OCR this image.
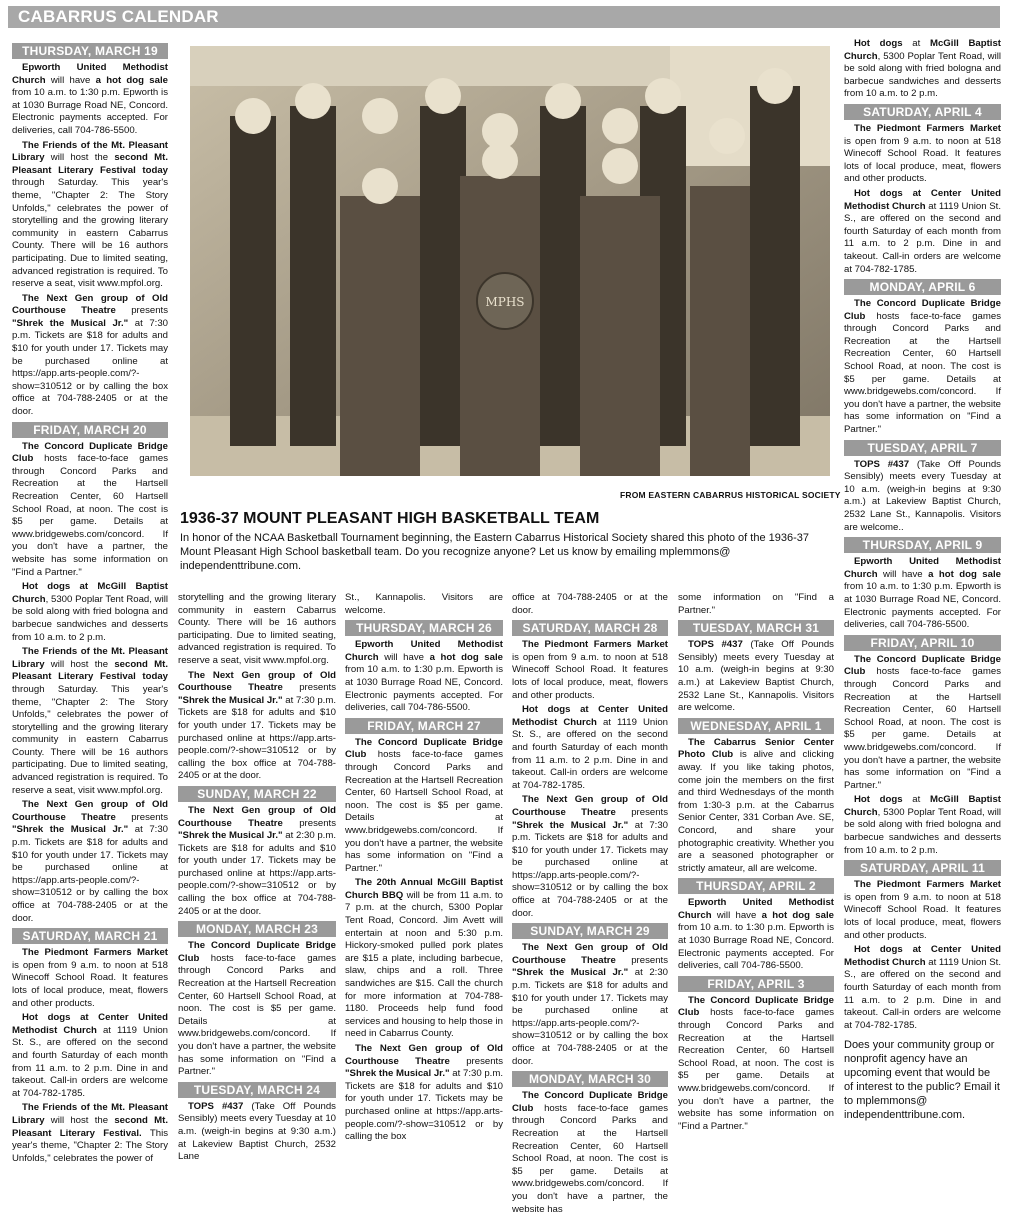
CABARRUS CALENDAR
THURSDAY, MARCH 19

Epworth United Methodist Church will have a hot dog sale from 10 a.m. to 1:30 p.m. Epworth is at 1030 Burrage Road NE, Concord. Electronic payments accepted. For deliveries, call 704-786-5500.

The Friends of the Mt. Pleasant Library will host the second Mt. Pleasant Literary Festival today through Saturday. This year's theme, "Chapter 2: The Story Unfolds," celebrates the power of storytelling and the growing literary community in eastern Cabarrus County. There will be 16 authors participating. Due to limited seating, advanced registration is required. To reserve a seat, visit www.mpfol.org.

The Next Gen group of Old Courthouse Theatre presents "Shrek the Musical Jr." at 7:30 p.m. Tickets are $18 for adults and $10 for youth under 17. Tickets may be purchased online at https://app.arts-people.com/?-show=310512 or by calling the box office at 704-788-2405 or at the door.

FRIDAY, MARCH 20

The Concord Duplicate Bridge Club hosts face-to-face games through Concord Parks and Recreation at the Hartsell Recreation Center, 60 Hartsell School Road, at noon. The cost is $5 per game. Details at www.bridgewebs.com/concord. If you don't have a partner, the website has some information on "Find a Partner."

Hot dogs at McGill Baptist Church, 5300 Poplar Tent Road, will be sold along with fried bologna and barbecue sandwiches and desserts from 10 a.m. to 2 p.m.

The Friends of the Mt. Pleasant Library will host the second Mt. Pleasant Literary Festival today through Saturday. This year's theme, "Chapter 2: The Story Unfolds," celebrates the power of storytelling and the growing literary community in eastern Cabarrus County. There will be 16 authors participating. Due to limited seating, advanced registration is required. To reserve a seat, visit www.mpfol.org.

The Next Gen group of Old Courthouse Theatre presents "Shrek the Musical Jr." at 7:30 p.m. Tickets are $18 for adults and $10 for youth under 17. Tickets may be purchased online at https://app.arts-people.com/?-show=310512 or by calling the box office at 704-788-2405 or at the door.

SATURDAY, MARCH 21

The Piedmont Farmers Market is open from 9 a.m. to noon at 518 Winecoff School Road. It features lots of local produce, meat, flowers and other products.

Hot dogs at Center United Methodist Church at 1119 Union St. S., are offered on the second and fourth Saturday of each month from 11 a.m. to 2 p.m. Dine in and takeout. Call-in orders are welcome at 704-782-1785.

The Friends of the Mt. Pleasant Library will host the second Mt. Pleasant Literary Festival. This year's theme, "Chapter 2: The Story Unfolds," celebrates the power of

MPHS
FROM EASTERN CABARRUS HISTORICAL SOCIETY
1936-37 MOUNT PLEASANT HIGH BASKETBALL TEAM
In honor of the NCAA Basketball Tournament beginning, the Eastern Cabarrus Historical Society shared this photo of the 1936-37 Mount Pleasant High School basketball team. Do you recognize anyone? Let us know by emailing mplemmons@ independenttribune.com.

storytelling and the growing literary community in eastern Cabarrus County. There will be 16 authors participating. Due to limited seating, advanced registration is required. To reserve a seat, visit www.mpfol.org.

The Next Gen group of Old Courthouse Theatre presents "Shrek the Musical Jr." at 7:30 p.m. Tickets are $18 for adults and $10 for youth under 17. Tickets may be purchased online at https://app.arts-people.com/?-show=310512 or by calling the box office at 704-788-2405 or at the door.

SUNDAY, MARCH 22

The Next Gen group of Old Courthouse Theatre presents "Shrek the Musical Jr." at 2:30 p.m. Tickets are $18 for adults and $10 for youth under 17. Tickets may be purchased online at https://app.arts-people.com/?-show=310512 or by calling the box office at 704-788-2405 or at the door.

MONDAY, MARCH 23

The Concord Duplicate Bridge Club hosts face-to-face games through Concord Parks and Recreation at the Hartsell Recreation Center, 60 Hartsell School Road, at noon. The cost is $5 per game. Details at www.bridgewebs.com/concord. If you don't have a partner, the website has some information on "Find a Partner."

TUESDAY, MARCH 24

TOPS #437 (Take Off Pounds Sensibly) meets every Tuesday at 10 a.m. (weigh-in begins at 9:30 a.m.) at Lakeview Baptist Church, 2532 Lane

St., Kannapolis. Visitors are welcome.

THURSDAY, MARCH 26

Epworth United Methodist Church will have a hot dog sale from 10 a.m. to 1:30 p.m. Epworth is at 1030 Burrage Road NE, Concord. Electronic payments accepted. For deliveries, call 704-786-5500.

FRIDAY, MARCH 27

The Concord Duplicate Bridge Club hosts face-to-face games through Concord Parks and Recreation at the Hartsell Recreation Center, 60 Hartsell School Road, at noon. The cost is $5 per game. Details at www.bridgewebs.com/concord. If you don't have a partner, the website has some information on "Find a Partner."

The 20th Annual McGill Baptist Church BBQ will be from 11 a.m. to 7 p.m. at the church, 5300 Poplar Tent Road, Concord. Jim Avett will entertain at noon and 5:30 p.m. Hickory-smoked pulled pork plates are $15 a plate, including barbecue, slaw, chips and a roll. Three sandwiches are $15. Call the church for more information at 704-788-1180. Proceeds help fund food services and housing to help those in need in Cabarrus County.

The Next Gen group of Old Courthouse Theatre presents "Shrek the Musical Jr." at 7:30 p.m. Tickets are $18 for adults and $10 for youth under 17. Tickets may be purchased online at https://app.arts-people.com/?-show=310512 or by calling the box

office at 704-788-2405 or at the door.

SATURDAY, MARCH 28

The Piedmont Farmers Market is open from 9 a.m. to noon at 518 Winecoff School Road. It features lots of local produce, meat, flowers and other products.

Hot dogs at Center United Methodist Church at 1119 Union St. S., are offered on the second and fourth Saturday of each month from 11 a.m. to 2 p.m. Dine in and takeout. Call-in orders are welcome at 704-782-1785.

The Next Gen group of Old Courthouse Theatre presents "Shrek the Musical Jr." at 7:30 p.m. Tickets are $18 for adults and $10 for youth under 17. Tickets may be purchased online at https://app.arts-people.com/?-show=310512 or by calling the box office at 704-788-2405 or at the door.

SUNDAY, MARCH 29

The Next Gen group of Old Courthouse Theatre presents "Shrek the Musical Jr." at 2:30 p.m. Tickets are $18 for adults and $10 for youth under 17. Tickets may be purchased online at https://app.arts-people.com/?-show=310512 or by calling the box office at 704-788-2405 or at the door.

MONDAY, MARCH 30

The Concord Duplicate Bridge Club hosts face-to-face games through Concord Parks and Recreation at the Hartsell Recreation Center, 60 Hartsell School Road, at noon. The cost is $5 per game. Details at www.bridgewebs.com/concord. If you don't have a partner, the website has

some information on "Find a Partner."

TUESDAY, MARCH 31

TOPS #437 (Take Off Pounds Sensibly) meets every Tuesday at 10 a.m. (weigh-in begins at 9:30 a.m.) at Lakeview Baptist Church, 2532 Lane St., Kannapolis. Visitors are welcome.

WEDNESDAY, APRIL 1

The Cabarrus Senior Center Photo Club is alive and clicking away. If you like taking photos, come join the members on the first and third Wednesdays of the month from 1:30-3 p.m. at the Cabarrus Senior Center, 331 Corban Ave. SE, Concord, and share your photographic creativity. Whether you are a seasoned photographer or strictly amateur, all are welcome.

THURSDAY, APRIL 2

Epworth United Methodist Church will have a hot dog sale from 10 a.m. to 1:30 p.m. Epworth is at 1030 Burrage Road NE, Concord. Electronic payments accepted. For deliveries, call 704-786-5500.

FRIDAY, APRIL 3

The Concord Duplicate Bridge Club hosts face-to-face games through Concord Parks and Recreation at the Hartsell Recreation Center, 60 Hartsell School Road, at noon. The cost is $5 per game. Details at www.bridgewebs.com/concord. If you don't have a partner, the website has some information on "Find a Partner."

Hot dogs at McGill Baptist Church, 5300 Poplar Tent Road, will be sold along with fried bologna and barbecue sandwiches and desserts from 10 a.m. to 2 p.m.

SATURDAY, APRIL 4

The Piedmont Farmers Market is open from 9 a.m. to noon at 518 Winecoff School Road. It features lots of local produce, meat, flowers and other products.

Hot dogs at Center United Methodist Church at 1119 Union St. S., are offered on the second and fourth Saturday of each month from 11 a.m. to 2 p.m. Dine in and takeout. Call-in orders are welcome at 704-782-1785.

MONDAY, APRIL 6

The Concord Duplicate Bridge Club hosts face-to-face games through Concord Parks and Recreation at the Hartsell Recreation Center, 60 Hartsell School Road, at noon. The cost is $5 per game. Details at www.bridgewebs.com/concord. If you don't have a partner, the website has some information on "Find a Partner."

TUESDAY, APRIL 7

TOPS #437 (Take Off Pounds Sensibly) meets every Tuesday at 10 a.m. (weigh-in begins at 9:30 a.m.) at Lakeview Baptist Church, 2532 Lane St., Kannapolis. Visitors are welcome..

THURSDAY, APRIL 9

Epworth United Methodist Church will have a hot dog sale from 10 a.m. to 1:30 p.m. Epworth is at 1030 Burrage Road NE, Concord. Electronic payments accepted. For deliveries, call 704-786-5500.

FRIDAY, APRIL 10

The Concord Duplicate Bridge Club hosts face-to-face games through Concord Parks and Recreation at the Hartsell Recreation Center, 60 Hartsell School Road, at noon. The cost is $5 per game. Details at www.bridgewebs.com/concord. If you don't have a partner, the website has some information on "Find a Partner."

Hot dogs at McGill Baptist Church, 5300 Poplar Tent Road, will be sold along with fried bologna and barbecue sandwiches and desserts from 10 a.m. to 2 p.m.

SATURDAY, APRIL 11

The Piedmont Farmers Market is open from 9 a.m. to noon at 518 Winecoff School Road. It features lots of local produce, meat, flowers and other products.

Hot dogs at Center United Methodist Church at 1119 Union St. S., are offered on the second and fourth Saturday of each month from 11 a.m. to 2 p.m. Dine in and takeout. Call-in orders are welcome at 704-782-1785.

Does your community group or nonprofit agency have an upcoming event that would be of interest to the public? Email it to mplemmons@ independenttribune.com.
